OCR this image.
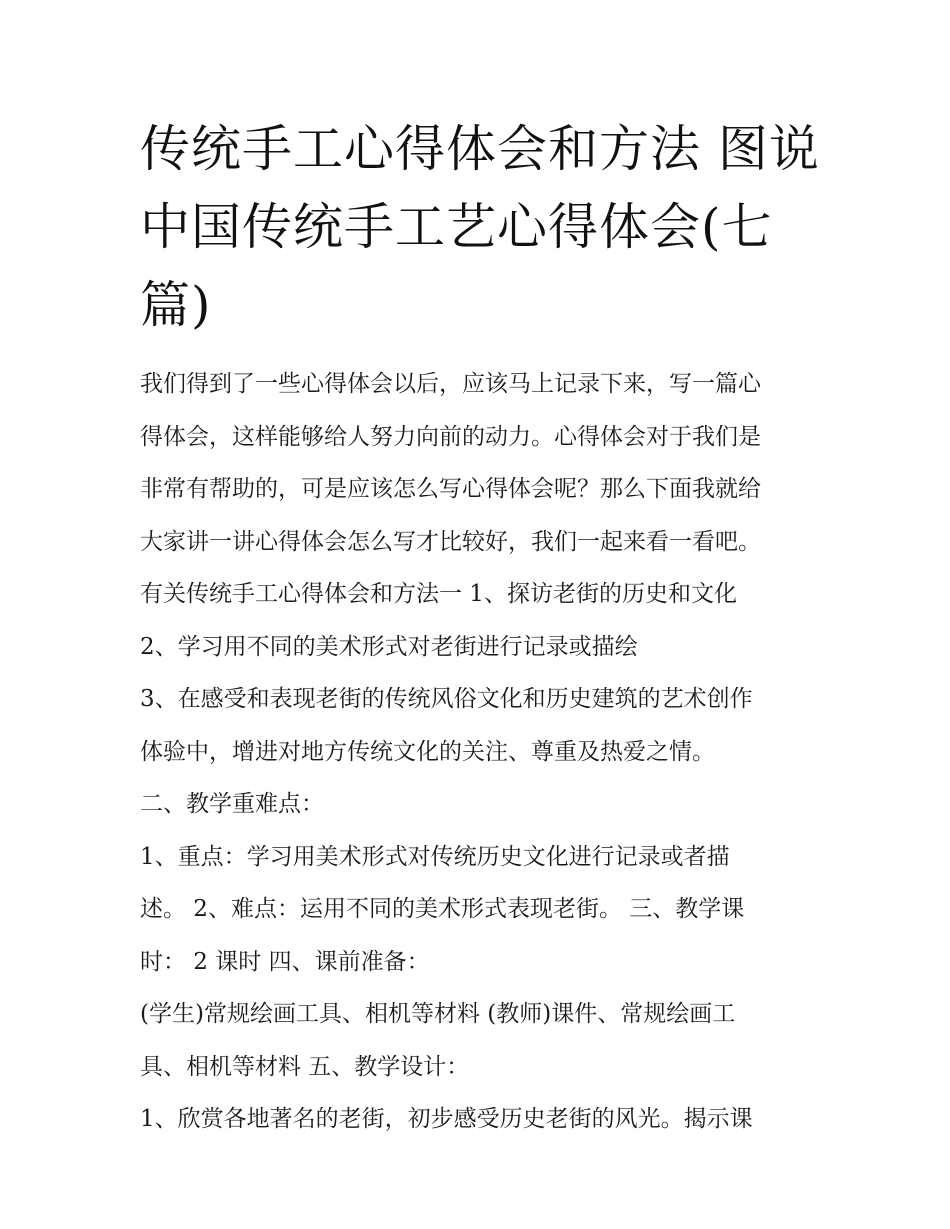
传统手工心得体会和方法 图说
中国传统手工艺心得体会(七
篇)
我们得到了一些心得体会以后，应该马上记录下来，写一篇心
得体会，这样能够给人努力向前的动力。心得体会对于我们是
非常有帮助的，可是应该怎么写心得体会呢？那么下面我就给
大家讲一讲心得体会怎么写才比较好，我们一起来看一看吧。
有关传统手工心得体会和方法一 1、探访老街的历史和文化
2、学习用不同的美术形式对老街进行记录或描绘
3、在感受和表现老街的传统风俗文化和历史建筑的艺术创作
体验中，增进对地方传统文化的关注、尊重及热爱之情。
二、教学重难点：
1、重点：学习用美术形式对传统历史文化进行记录或者描
述。 2、难点：运用不同的美术形式表现老街。 三、教学课
时： 2 课时 四、课前准备：
(学生)常规绘画工具、相机等材料 (教师)课件、常规绘画工
具、相机等材料 五、教学设计：
1、欣赏各地著名的老街，初步感受历史老街的风光。揭示课
